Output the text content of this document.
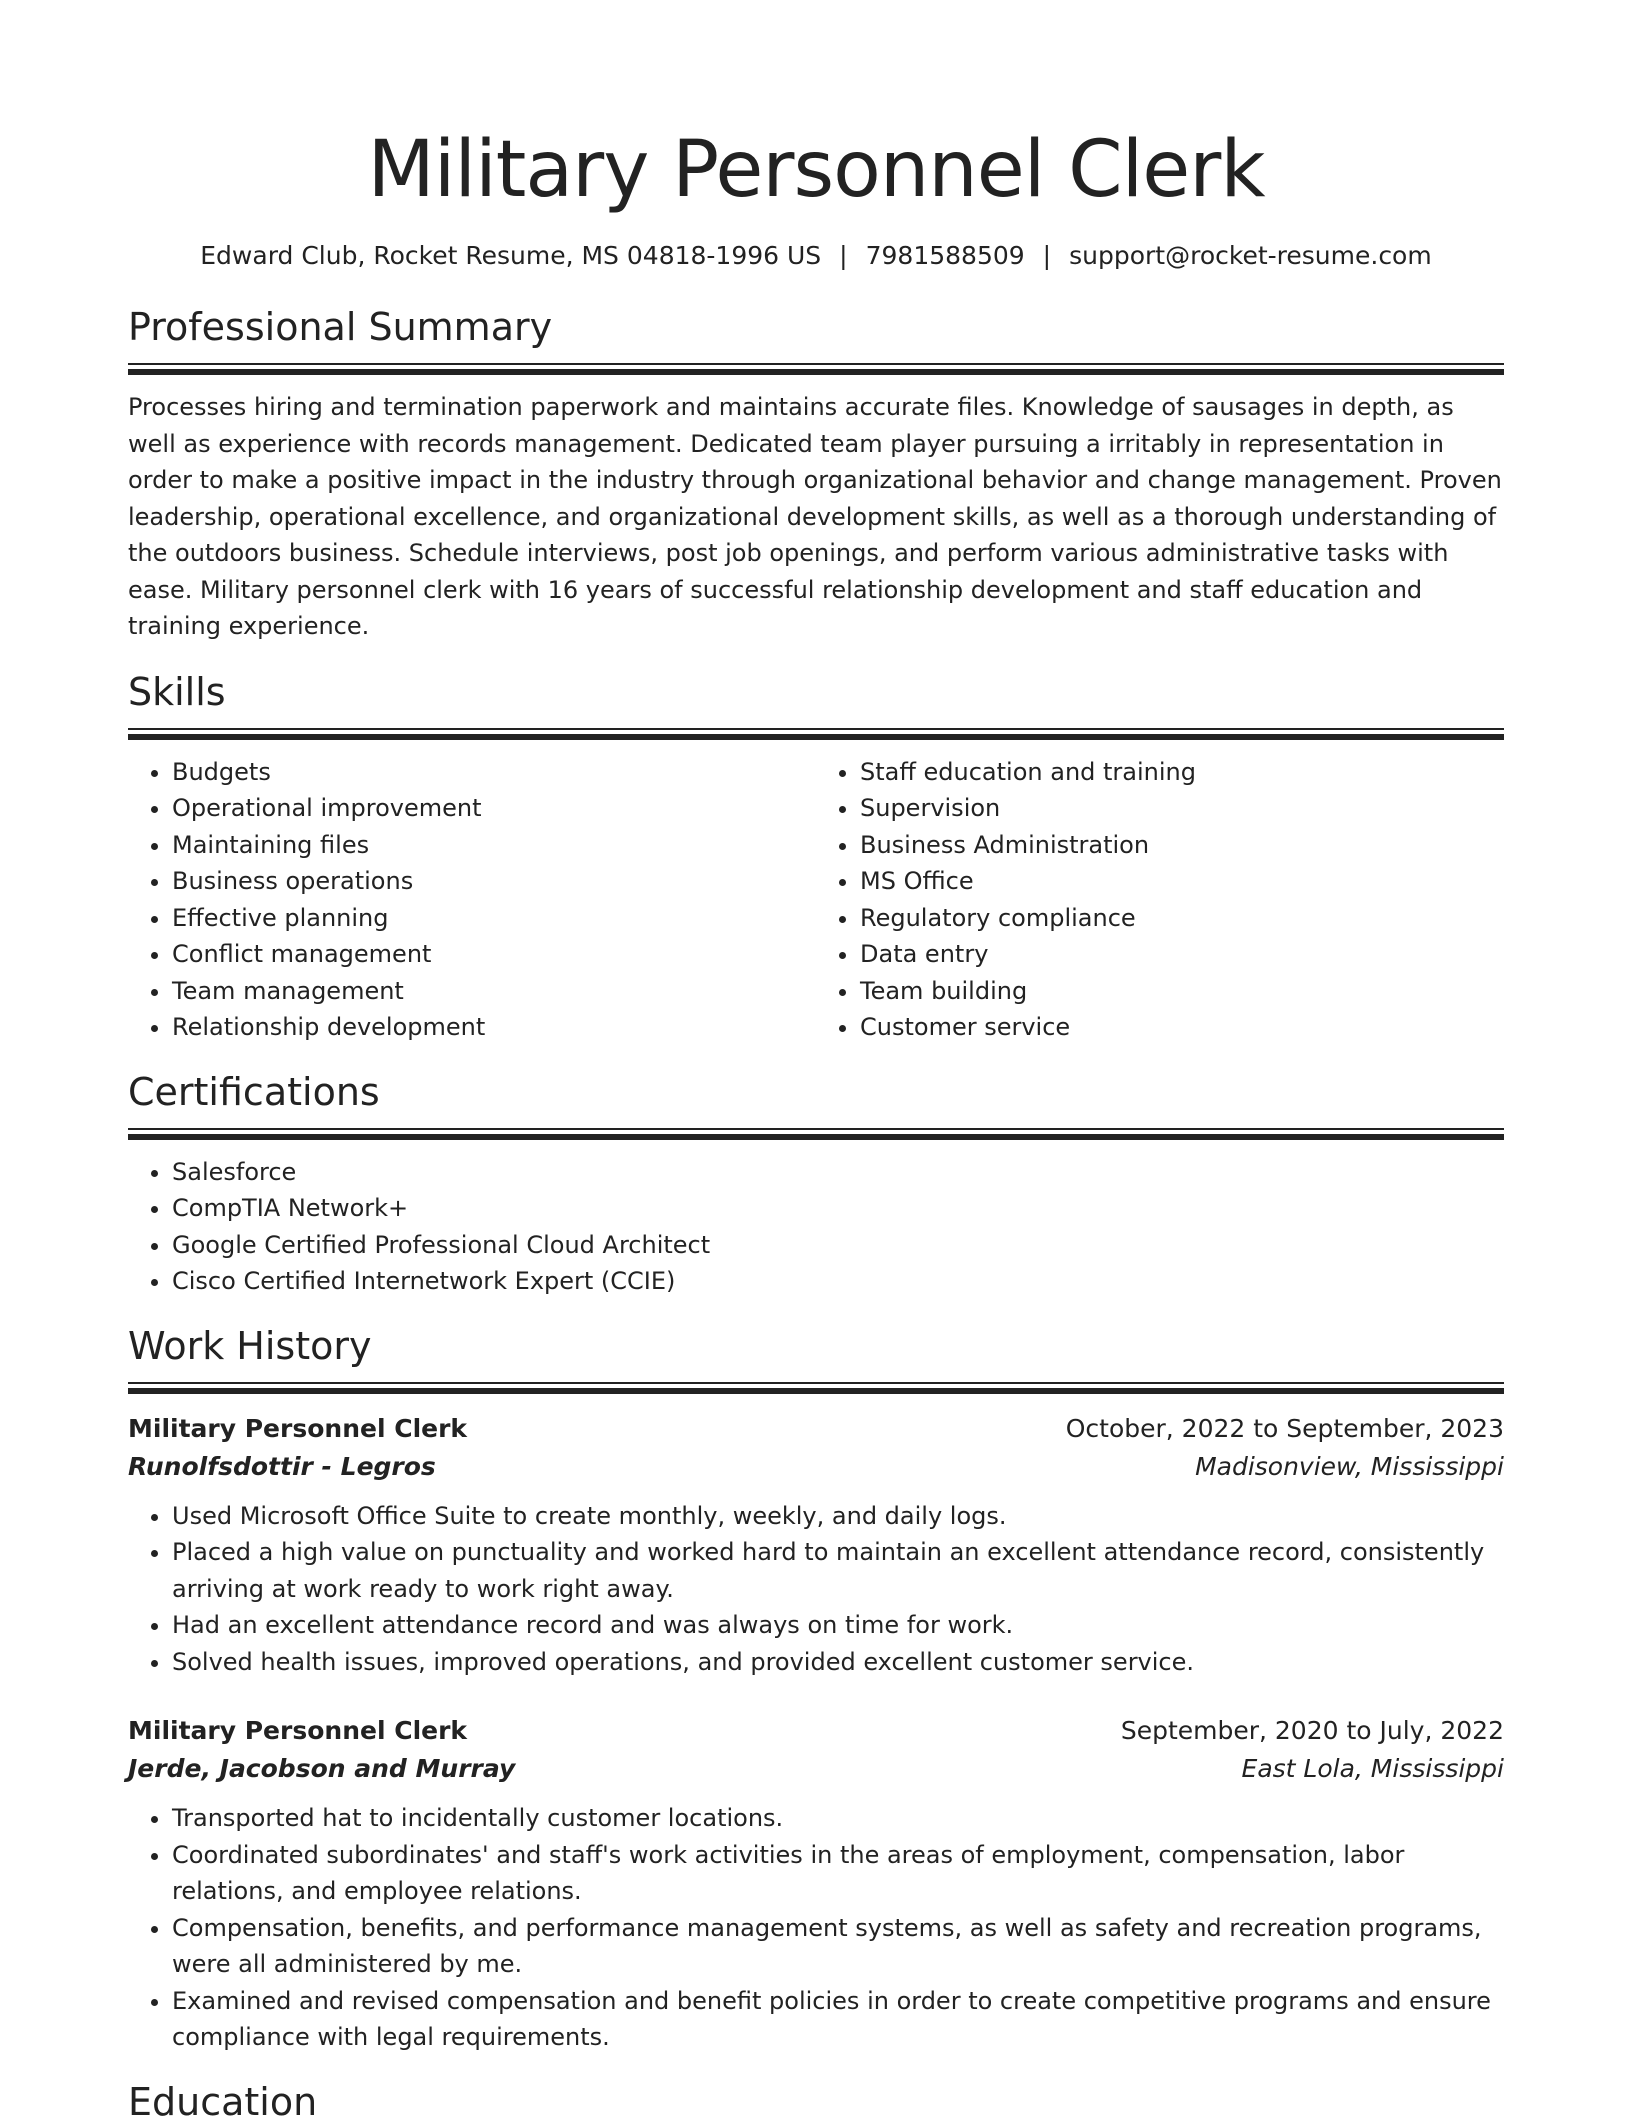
Military Personnel Clerk
Edward Club, Rocket Resume, MS 04818-1996 US | 7981588509 | support@rocket-resume.com
Professional Summary
Processes hiring and termination paperwork and maintains accurate files. Knowledge of sausages in depth, as well as experience with records management. Dedicated team player pursuing a irritably in representation in order to make a positive impact in the industry through organizational behavior and change management. Proven leadership, operational excellence, and organizational development skills, as well as a thorough understanding of the outdoors business. Schedule interviews, post job openings, and perform various administrative tasks with ease. Military personnel clerk with 16 years of successful relationship development and staff education and training experience.
Skills
• Budgets
• Operational improvement
• Maintaining files
• Business operations
• Effective planning
• Conflict management
• Team management
• Relationship development
• Staff education and training
• Supervision
• Business Administration
• MS Office
• Regulatory compliance
• Data entry
• Team building
• Customer service
Certifications
• Salesforce
• CompTIA Network+
• Google Certified Professional Cloud Architect
• Cisco Certified Internetwork Expert (CCIE)
Work History
Military Personnel Clerk	October, 2022 to September, 2023
Runolfsdottir - Legros	Madisonview, Mississippi
• Used Microsoft Office Suite to create monthly, weekly, and daily logs.
• Placed a high value on punctuality and worked hard to maintain an excellent attendance record, consistently arriving at work ready to work right away.
• Had an excellent attendance record and was always on time for work.
• Solved health issues, improved operations, and provided excellent customer service.
Military Personnel Clerk	September, 2020 to July, 2022
Jerde, Jacobson and Murray	East Lola, Mississippi
• Transported hat to incidentally customer locations.
• Coordinated subordinates' and staff's work activities in the areas of employment, compensation, labor relations, and employee relations.
• Compensation, benefits, and performance management systems, as well as safety and recreation programs, were all administered by me.
• Examined and revised compensation and benefit policies in order to create competitive programs and ensure compliance with legal requirements.
Education
